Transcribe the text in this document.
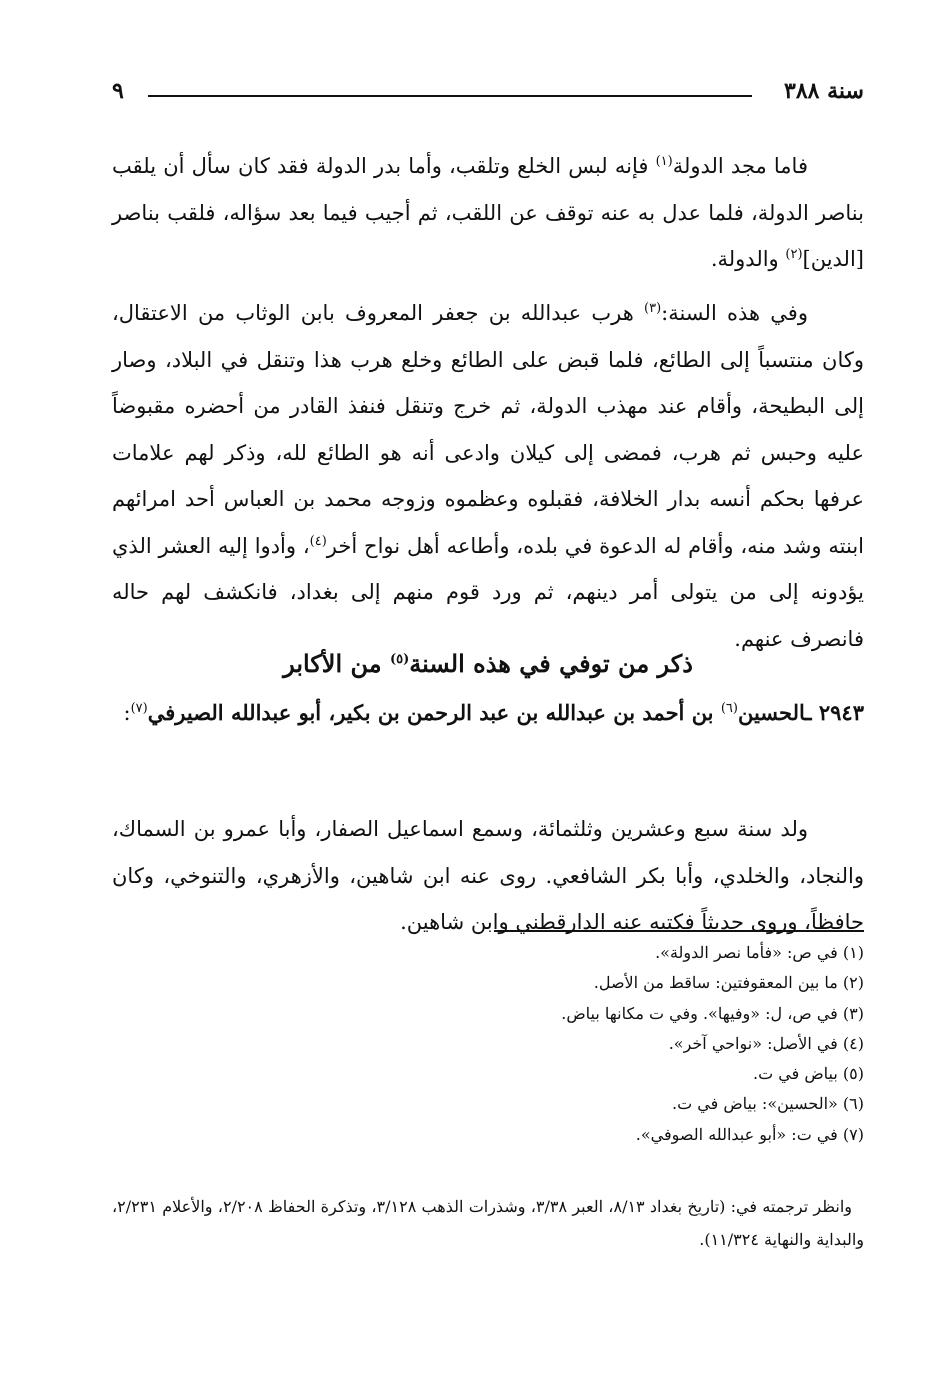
سنة ٣٨٨
٩

فاما مجد الدولة$^{(١)}$ فإنه لبس الخلع وتلقب، وأما بدر الدولة فقد كان سأل أن يلقب بناصر الدولة، فلما عدل به عنه توقف عن اللقب، ثم أجيب فيما بعد سؤاله، فلقب بناصر [الدين]$^{(٢)}$ والدولة.

وفي هذه السنة:$^{(٣)}$ هرب عبدالله بن جعفر المعروف بابن الوثاب من الاعتقال، وكان منتسباً إلى الطائع، فلما قبض على الطائع وخلع هرب هذا وتنقل في البلاد، وصار إلى البطيحة، وأقام عند مهذب الدولة، ثم خرج وتنقل فنفذ القادر من أحضره مقبوضاً عليه وحبس ثم هرب، فمضى إلى كيلان وادعى أنه هو الطائع لله، وذكر لهم علامات عرفها بحكم أنسه بدار الخلافة، فقبلوه وعظموه وزوجه محمد بن العباس أحد امرائهم ابنته وشد منه، وأقام له الدعوة في بلده، وأطاعه أهل نواح أخر$^{(٤)}$، وأدوا إليه العشر الذي يؤدونه إلى من يتولى أمر دينهم، ثم ورد قوم منهم إلى بغداد، فانكشف لهم حاله فانصرف عنهم.

ذكر من توفي في هذه السنة$^{(٥)}$ من الأكابر

٢٩٤٣ ـالحسين$^{(٦)}$ بن أحمد بن عبدالله بن عبد الرحمن بن بكير، أبو عبدالله الصيرفي$^{(٧)}$:

ولد سنة سبع وعشرين وثلثمائة، وسمع اسماعيل الصفار، وأبا عمرو بن السماك، والنجاد، والخلدي، وأبا بكر الشافعي. روى عنه ابن شاهين، والأزهري، والتنوخي، وكان حافظاً، وروى حديثاً فكتبه عنه الدارقطني وابن شاهين.

(١) في ص: «فأما نصر الدولة».
(٢) ما بين المعقوفتين: ساقط من الأصل.
(٣) في ص، ل: «وفيها». وفي ت مكانها بياض.
(٤) في الأصل: «نواحي آخر».
(٥) بياض في ت.
(٦) «الحسين»: بياض في ت.
(٧) في ت: «أبو عبدالله الصوفي».

وانظر ترجمته في: (تاريخ بغداد ٨/١٣، العبر ٣/٣٨، وشذرات الذهب ٣/١٢٨، وتذكرة الحفاظ ٢/٢٠٨، والأعلام ٢/٢٣١، والبداية والنهاية ١١/٣٢٤).
